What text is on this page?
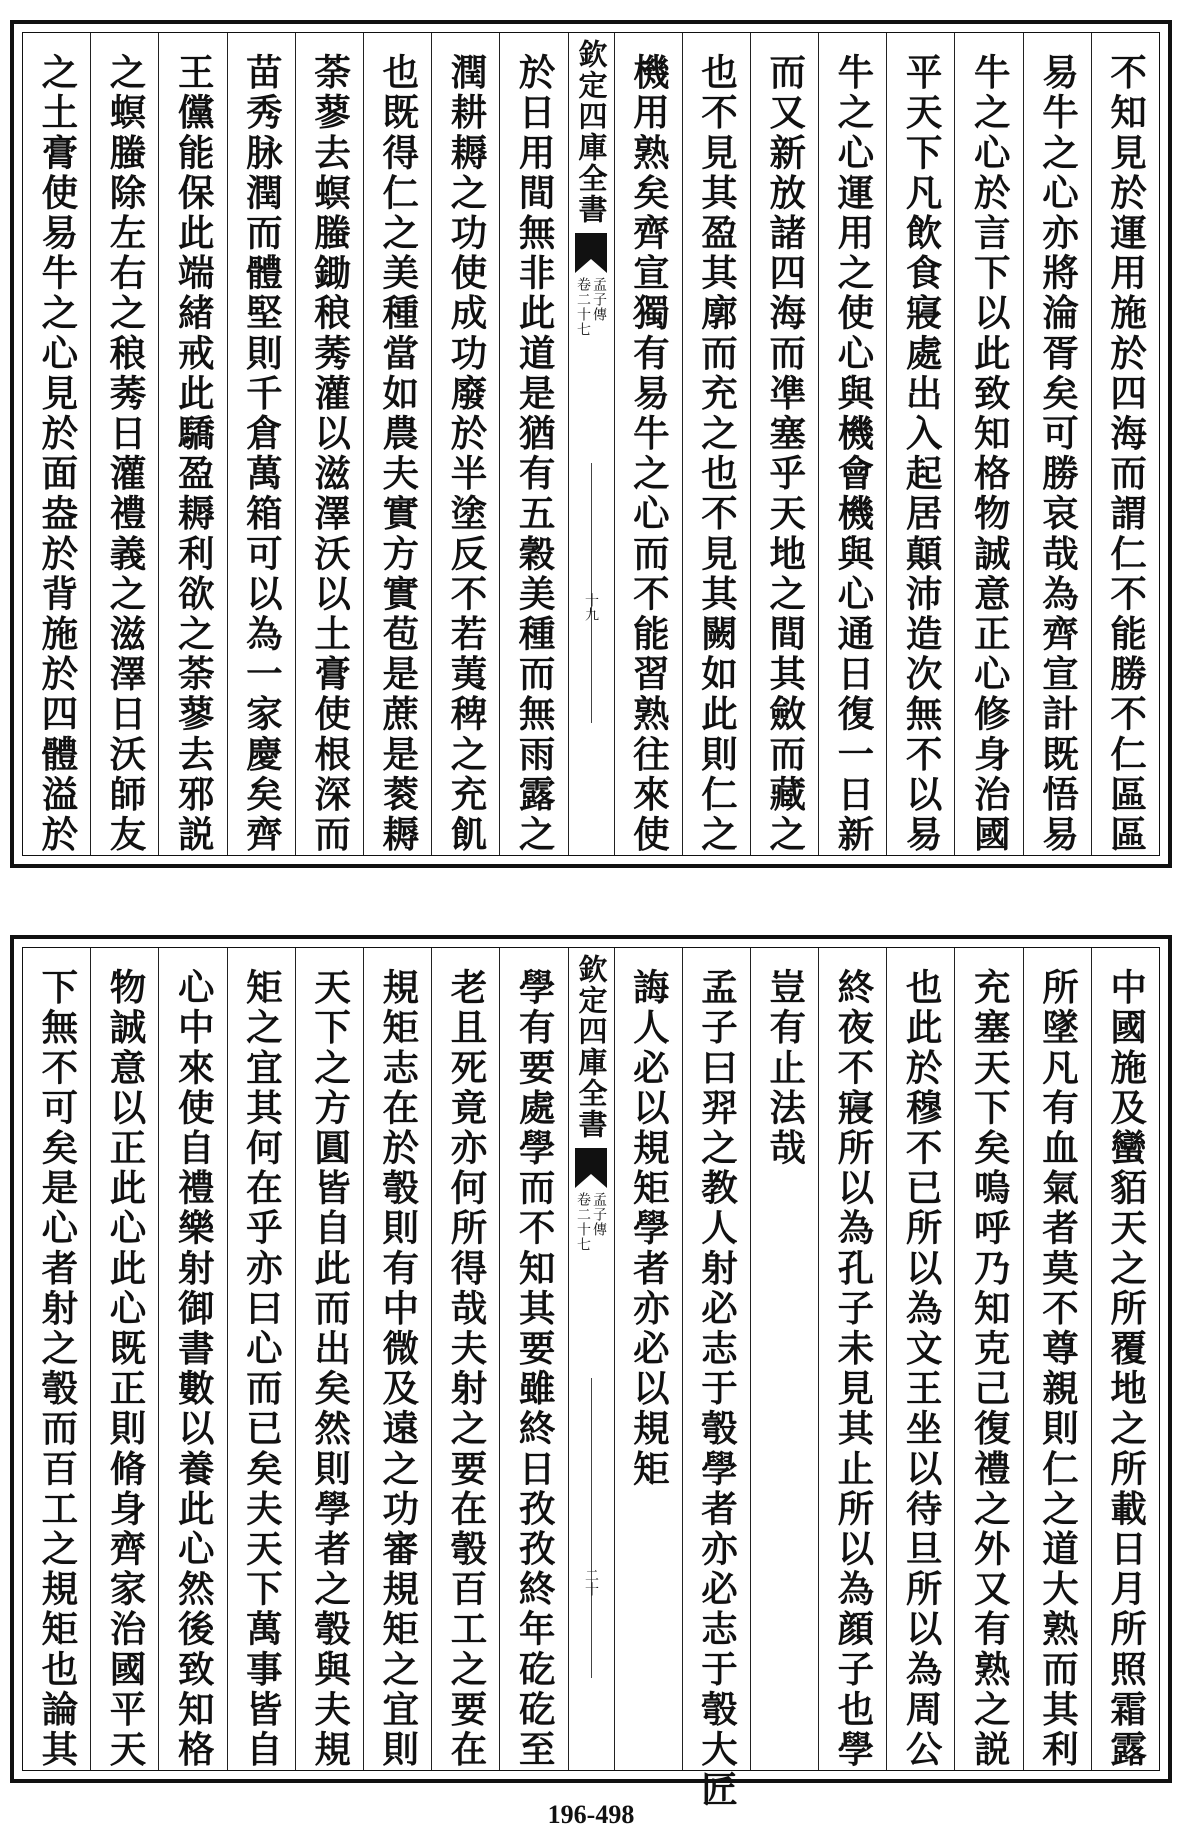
不知見於運用施於四海而謂仁不能勝不仁區區
易牛之心亦將淪胥矣可勝哀哉為齊宣計既悟易
牛之心於言下以此致知格物誠意正心修身治國
平天下凡飲食寢處出入起居顛沛造次無不以易
牛之心運用之使心與機會機與心通日復一日新
而又新放諸四海而凖塞乎天地之間其斂而藏之
也不見其盈其廓而充之也不見其闕如此則仁之
機用熟矣齊宣獨有易牛之心而不能習熟往來使
欽定四庫全書
孟子傳
卷二十七
十九
於日用間無非此道是猶有五穀美種而無雨露之
潤耕耨之功使成功廢於半塗反不若荑稗之充飢
也既得仁之美種當如農夫實方實苞是蔗是蓘耨
荼蓼去螟螣鋤稂莠灌以滋澤沃以土膏使根深而
苗秀脉潤而體堅則千倉萬箱可以為一家慶矣齊
王儻能保此端緒戒此驕盈耨利欲之荼蓼去邪説
之螟螣除左右之稂莠日灌禮義之滋澤日沃師友
之土膏使易牛之心見於面盎於背施於四體溢於
中國施及蠻貊天之所覆地之所載日月所照霜露
所墜凡有血氣者莫不尊親則仁之道大熟而其利
充塞天下矣嗚呼乃知克己復禮之外又有熟之説
也此於穆不已所以為文王坐以待旦所以為周公
終夜不寢所以為孔子未見其止所以為顔子也學
豈有止法哉
孟子曰羿之教人射必志于彀學者亦必志于彀大匠
誨人必以規矩學者亦必以規矩
欽定四庫全書
孟子傳
卷二十七
二十
學有要處學而不知其要雖終日孜孜終年矻矻至
老且死竟亦何所得哉夫射之要在彀百工之要在
規矩志在於彀則有中微及遠之功審規矩之宜則
天下之方圓皆自此而出矣然則學者之彀與夫規
矩之宜其何在乎亦曰心而已矣夫天下萬事皆自
心中來使自禮樂射御書數以養此心然後致知格
物誠意以正此心此心既正則脩身齊家治國平天
下無不可矣是心者射之彀而百工之規矩也論其
196-498
